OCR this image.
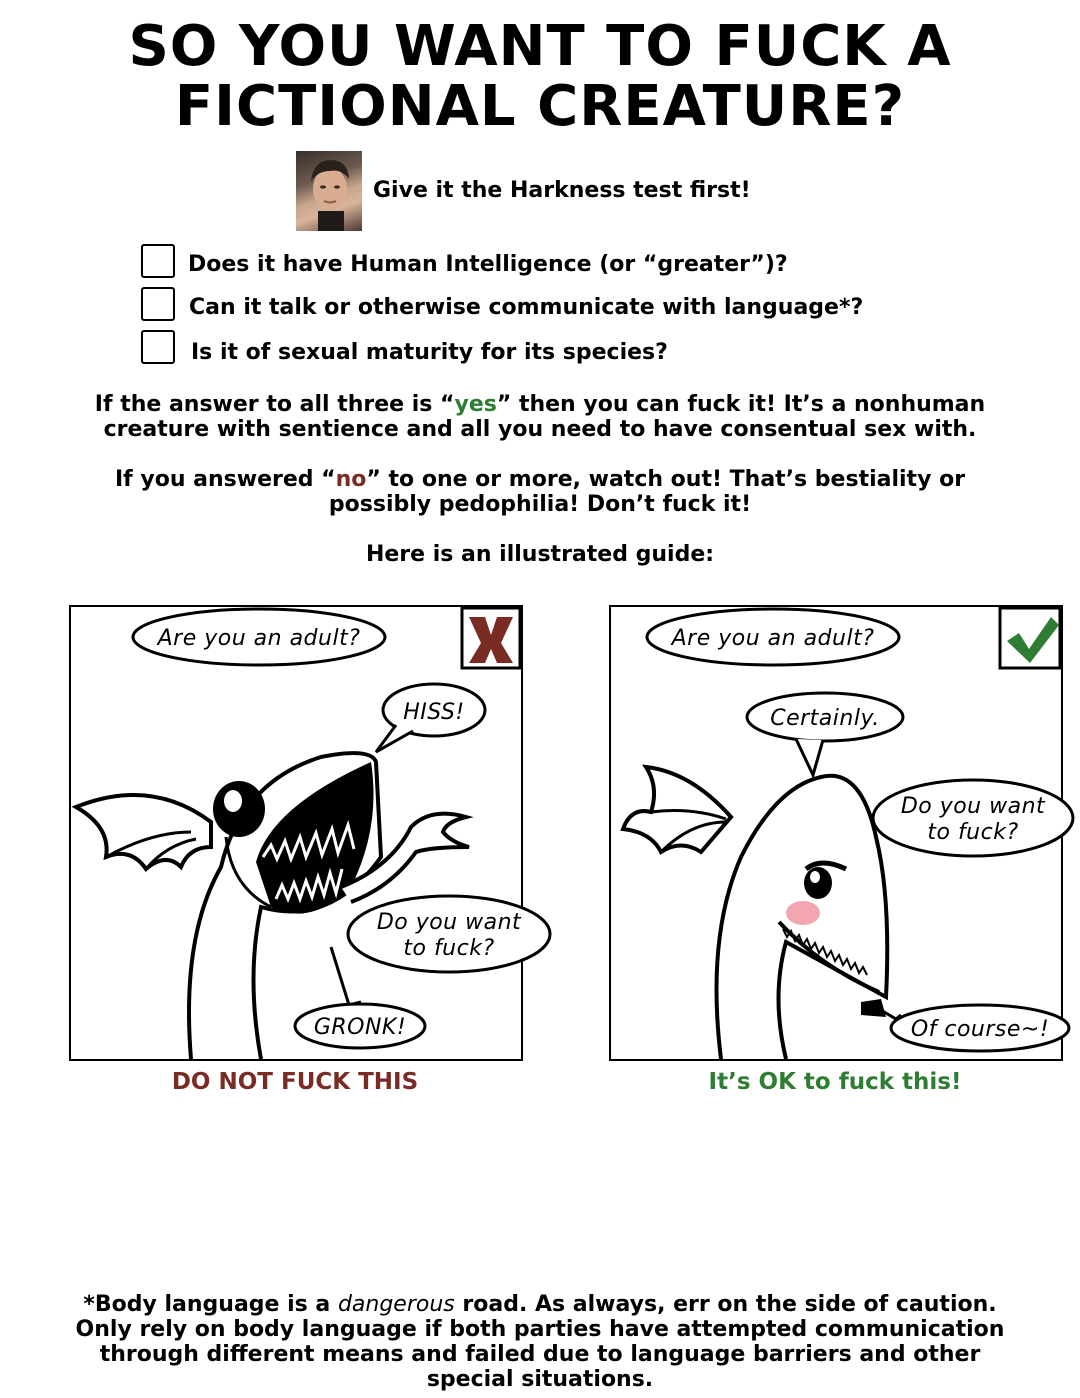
SO YOU WANT TO FUCK A
FICTIONAL CREATURE?
Give it the Harkness test first!
Does it have Human Intelligence (or “greater”)?
Can it talk or otherwise communicate with language*?
Is it of sexual maturity for its species?
If the answer to all three is “yes” then you can fuck it! It’s a nonhuman
creature with sentience and all you need to have consentual sex with.
If you answered “no” to one or more, watch out! That’s bestiality or
possibly pedophilia! Don’t fuck it!
Here is an illustrated guide:
Are you an adult?
HISS!
Do you want
to fuck?
GRONK!
DO NOT FUCK THIS
Are you an adult?
Certainly.
Do you want
to fuck?
Of course~!
It’s OK to fuck this!
*Body language is a dangerous road. As always, err on the side of caution.
Only rely on body language if both parties have attempted communication
through different means and failed due to language barriers and other
special situations.
